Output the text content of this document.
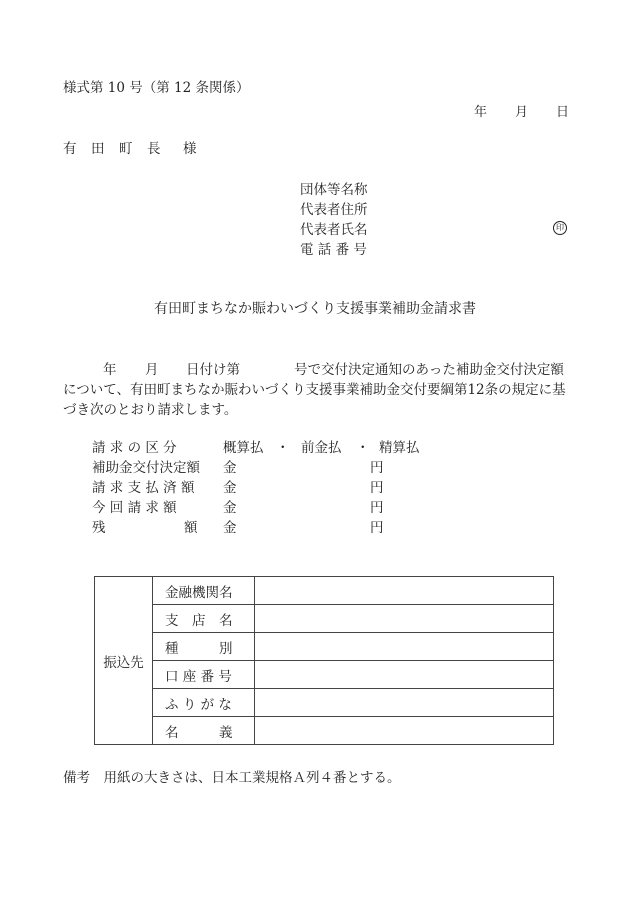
様式第 10 号（第 12 条関係）
年 月 日
有 田 町 長 様
団体等名称
代表者住所
代表者氏名
電 話 番 号
印
有田町まちなか賑わいづくり支援事業補助金請求書
年 月 日付け第	号で交付決定通知のあった補助金交付決定額
について、有田町まちなか賑わいづくり支援事業補助金交付要綱第12条の規定に基
づき次のとおり請求します。
請 求 の 区 分	概算払 ・ 前金払 ・ 精算払
補助金交付決定額 金	円
請 求 支 払 済 額 金	円
今 回 請 求 額	金	円
残	額 金	円
振込先	金融機関名	
	支　店　名	
	種　　　別	
	口 座 番 号	
	ふ り が な	
	名　　　義	
備考　用紙の大きさは、日本工業規格Ａ列４番とする。
